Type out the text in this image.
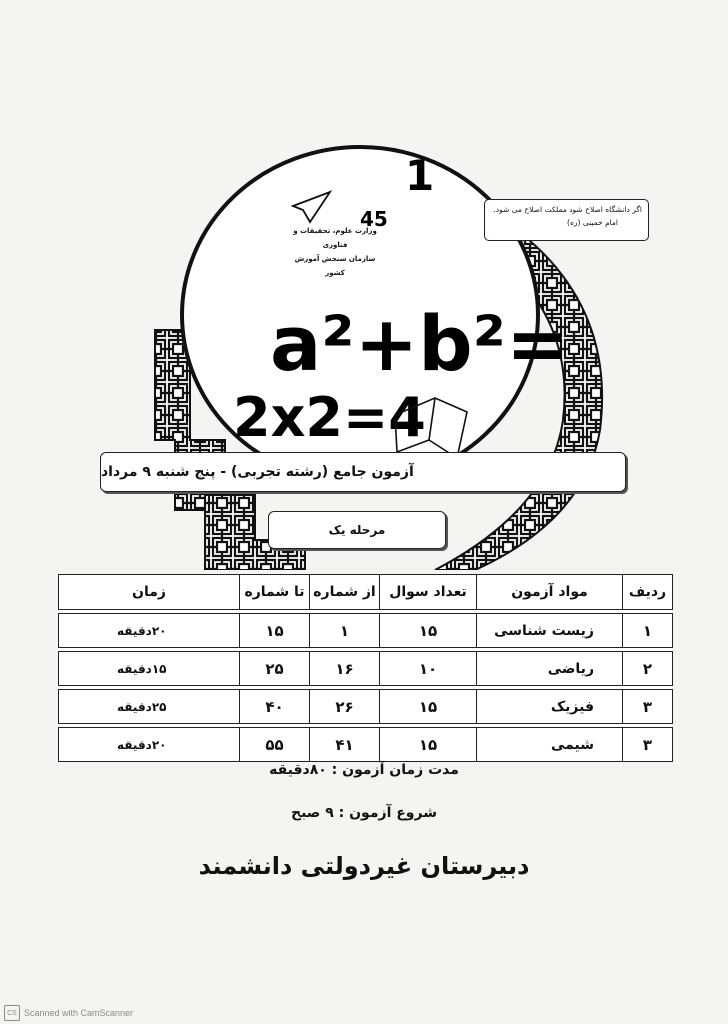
1
45
a²+b²=
2x2=4
اگر دانشگاه اصلاح شود مملکت اصلاح می شود.
امام خمینی (ره)
وزارت علوم، تحقیقات و فناوری
سازمان سنجش آموزش کشور
آزمون جامع (رشته تجربی) - پنج شنبه ۹ مرداد
مرحله یک
ردیف	مواد آزمون	تعداد سوال	از شماره	تا شماره	زمان

۱	زیست شناسی	۱۵	۱	۱۵	۲۰دقیقه

۲	ریاضی	۱۰	۱۶	۲۵	۱۵دقیقه

۳	فیزیک	۱۵	۲۶	۴۰	۲۵دقیقه

۳	شیمی	۱۵	۴۱	۵۵	۲۰دقیقه
مدت زمان آزمون : ۸۰دقیقه
شروع آزمون : ۹ صبح
دبیرستان غیردولتی دانشمند
CS Scanned with CamScanner
